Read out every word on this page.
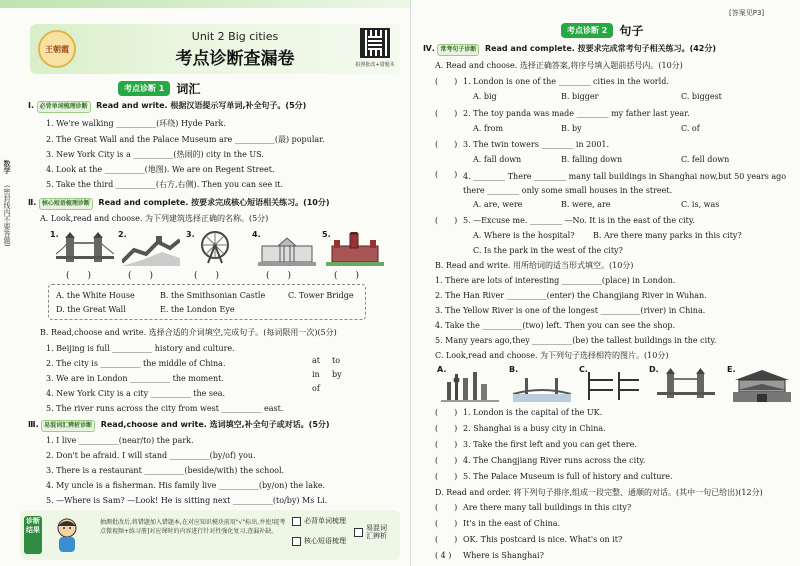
数学
(密封线内不要答题)
王朝霞
Unit 2 Big cities
考点诊断查漏卷	拍照批改+错题本
考点诊断 1	词汇
Ⅰ. 必背单词梳理诊断 Read and write. 根据汉语提示写单词,补全句子。(5分)
1. We're walking __________(环绕) Hyde Park.
2. The Great Wall and the Palace Museum are __________(最) popular.
3. New York City is a __________(热闹的) city in the US.
4. Look at the __________(地图). We are on Regent Street.
5. Take the third __________(右方,右侧). Then you can see it.
Ⅱ. 核心短语梳理诊断 Read and complete. 按要求完成核心短语相关练习。(10分)
A. Look,read and choose. 为下列建筑选择正确的名称。(5分)
1.
(　　)
2.
(　　)
3.
(　　)
4.
(　　)
5.
(　　)
A. the White House	B. the Smithsonian Castle	C. Tower Bridge
D. the Great Wall	E. the London Eye
B. Read,choose and write. 选择合适的介词填空,完成句子。(每词限用一次)(5分)
1. Beijing is full __________ history and culture.
2. The city is __________ the middle of China.
3. We are in London __________ the moment.
4. New York City is a city __________ the sea.
5. The river runs across the city from west __________ east.
at to
in by
of
Ⅲ. 易混词汇辨析诊断 Read,choose and write. 选词填空,补全句子或对话。(5分)
1. I live __________(near/to) the park.
2. Don't be afraid. I will stand __________(by/of) you.
3. There is a restaurant __________(beside/with) the school.
4. My uncle is a fisherman. His family live __________(by/on) the lake.
5. —Where is Sam? —Look! He is sitting next __________(to/by) Ms Li.
诊断结果
抽测批改后,将错题加入错题本,在对应知识模块前用"√"标出,并使用[考点微视频+练习册]对应课时的内容进行针对性强化复习,查漏补缺。
必背单词梳理
核心短语梳理
易混词汇辨析
[答案见P3]
考点诊断 2	句子
Ⅳ. 常考句子诊断 Read and complete. 按要求完成常考句子相关练习。(42分)
A. Read and choose. 选择正确答案,将序号填入题前括号内。(10分)
(　　) 1. London is one of the ________ cities in the world.
A. big	B. bigger	C. biggest
(　　) 2. The toy panda was made ________ my father last year.
A. from	B. by	C. of
(　　) 3. The twin towers ________ in 2001.
A. fall down	B. falling down	C. fell down
(　　) 4. ________ There ________ many tall buildings in Shanghai now,but 50 years ago there ________ only some small houses in the street.
A. are, were	B. were, are	C. is, was
(　　) 5. —Excuse me. ________ —No. It is in the east of the city.
A. Where is the hospital? B. Are there many parks in this city?
C. Is the park in the west of the city?
B. Read and write. 用所给词的适当形式填空。(10分)
1. There are lots of interesting __________(place) in London.
2. The Han River __________(enter) the Changjiang River in Wuhan.
3. The Yellow River is one of the longest __________(river) in China.
4. Take the __________(two) left. Then you can see the shop.
5. Many years ago,they __________(be) the tallest buildings in the city.
C. Look,read and choose. 为下列句子选择相符的图片。(10分)
A.	B.	C.	D.	E.
(　　) 1. London is the capital of the UK.
(　　) 2. Shanghai is a busy city in China.
(　　) 3. Take the first left and you can get there.
(　　) 4. The Changjiang River runs across the city.
(　　) 5. The Palace Museum is full of history and culture.
D. Read and order. 将下列句子排序,组成一段完整、通顺的对话。(其中一句已给出)(12分)
(　　) Are there many tall buildings in this city?
(　　) It's in the east of China.
(　　) OK. This postcard is nice. What's on it?
( 4 ) Where is Shanghai?
